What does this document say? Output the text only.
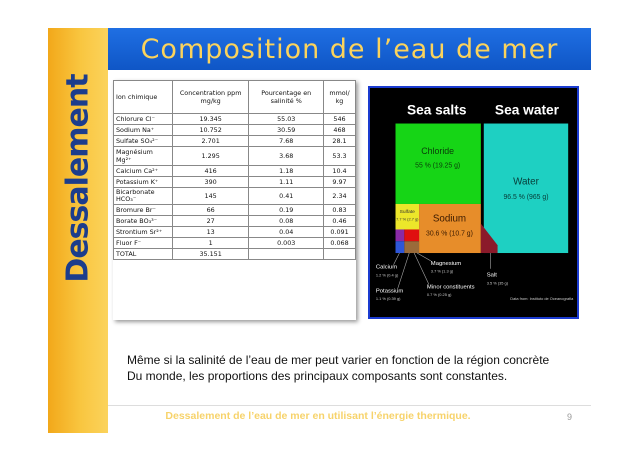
Dessalement
Composition de l’eau de mer
Ion chimique	Concentration ppm mg/kg	Pourcentage en salinité %	mmol/ kg
Chlorure Cl⁻	19.345	55.03	546
Sodium Na⁺	10.752	30.59	468
Sulfate SO₄²⁻	2.701	7.68	28.1
Magnésium Mg²⁺	1.295	3.68	53.3
Calcium Ca²⁺	416	1.18	10.4
Potassium K⁺	390	1.11	9.97
Bicarbonate HCO₃⁻	145	0.41	2.34
Bromure Br⁻	66	0.19	0.83
Borate BO₃³⁻	27	0.08	0.46
Strontium Sr²⁺	13	0.04	0.091
Fluor F⁻	1	0.003	0.068
TOTAL	35.151		
Sea salts Sea water
Chloride
55 % (19.25 g)
Sulfate
7.7 % (2.7 g) Sodium
30.6 % (10.7 g)
Water
96.5 % (965 g)
Calcium
1.2 % (0.4 g)
Potassium
1.1 % (0.39 g)
Magnesium
3.7 % (1.3 g)
Minor constituents
0.7 % (0.25 g)
Salt
3.5 % (35 g)
Data from: Instituto de Oceanografia
Même si la salinité de l’eau de mer peut varier en fonction de la région concrète
Du monde, les proportions des principaux composants sont constantes.
Dessalement de l’eau de mer en utilisant l’énergie thermique.	9
